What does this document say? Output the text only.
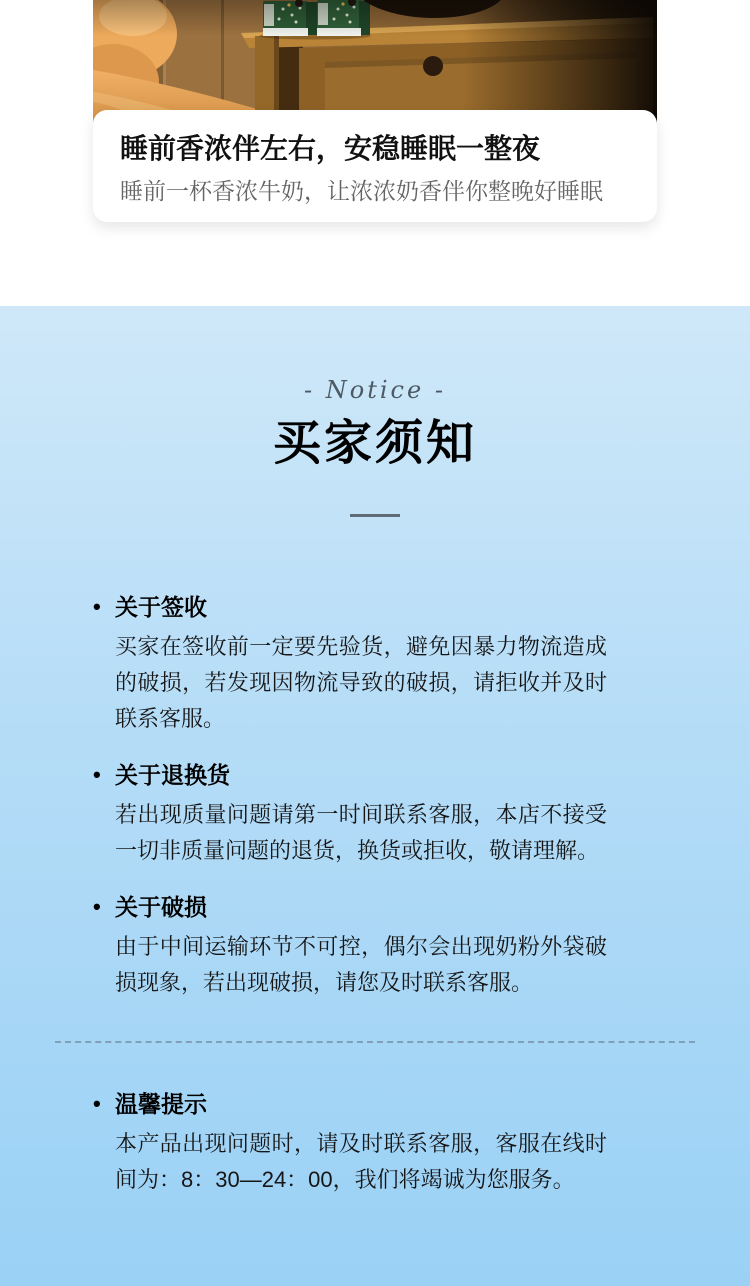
睡前香浓伴左右，安稳睡眠一整夜
睡前一杯香浓牛奶，让浓浓奶香伴你整晚好睡眠
- Notice -
买家须知
• 关于签收
买家在签收前一定要先验货，避免因暴力物流造成的破损，若发现因物流导致的破损，请拒收并及时联系客服。
• 关于退换货
若出现质量问题请第一时间联系客服，本店不接受一切非质量问题的退货，换货或拒收，敬请理解。
• 关于破损
由于中间运输环节不可控，偶尔会出现奶粉外袋破损现象，若出现破损，请您及时联系客服。
• 温馨提示
本产品出现问题时，请及时联系客服，客服在线时间为：8：30—24：00，我们将竭诚为您服务。
